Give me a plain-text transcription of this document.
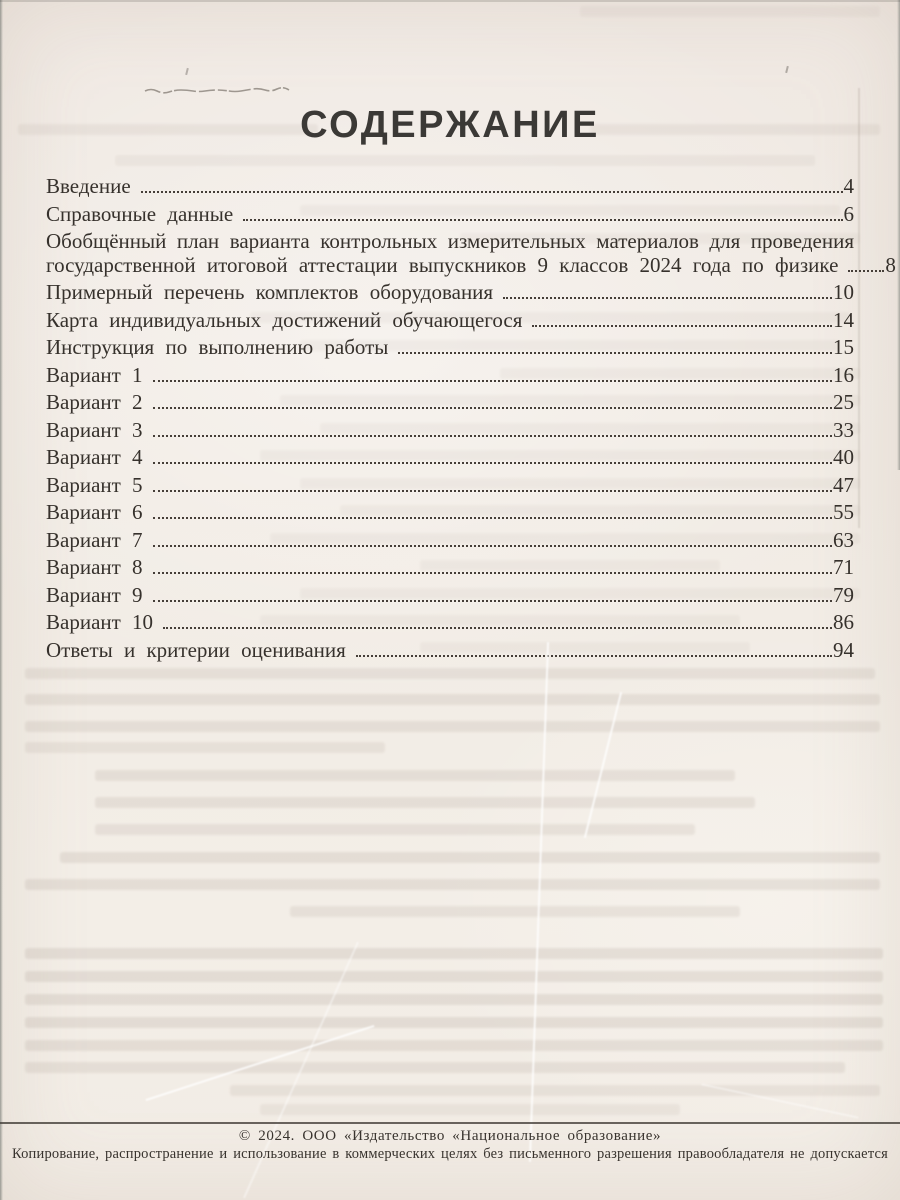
СОДЕРЖАНИЕ
Введение	4
Справочные данные	6
Обобщённый план варианта контрольных измерительных материалов для проведения
государственной итоговой аттестации выпускников 9 классов 2024 года по физике 8
Примерный перечень комплектов оборудования	10
Карта индивидуальных достижений обучающегося	14
Инструкция по выполнению работы	15
Вариант 1	16
Вариант 2	25
Вариант 3	33
Вариант 4	40
Вариант 5	47
Вариант 6	55
Вариант 7	63
Вариант 8	71
Вариант 9	79
Вариант 10	86
Ответы и критерии оценивания	94
© 2024. ООО «Издательство «Национальное образование»
Копирование, распространение и использование в коммерческих целях без письменного разрешения правообладателя не допускается
